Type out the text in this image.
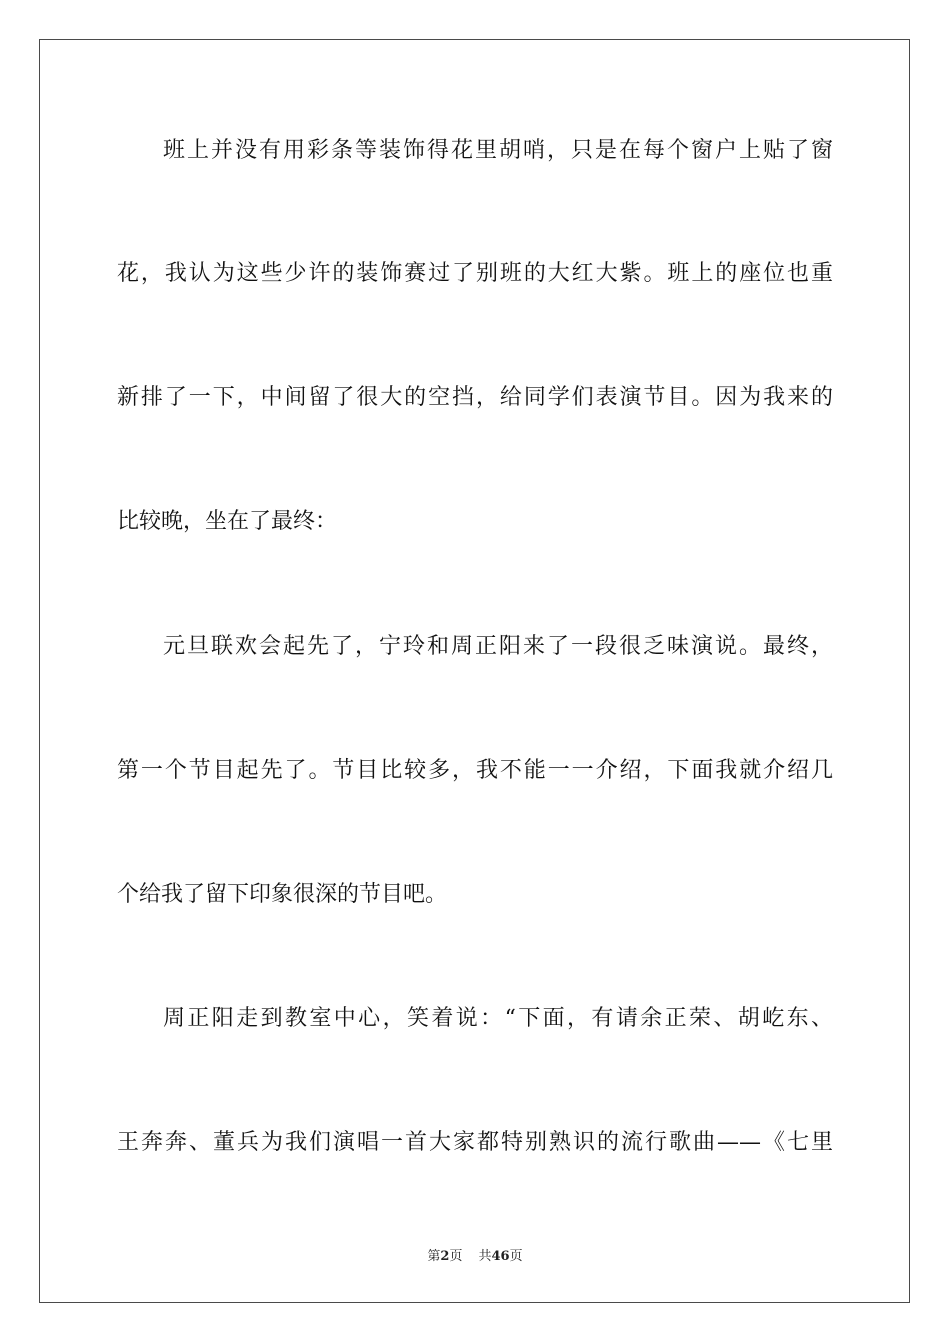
班上并没有用彩条等装饰得花里胡哨，只是在每个窗户上贴了窗
花，我认为这些少许的装饰赛过了别班的大红大紫。班上的座位也重
新排了一下，中间留了很大的空挡，给同学们表演节目。因为我来的
比较晚，坐在了最终：
元旦联欢会起先了，宁玲和周正阳来了一段很乏味演说。最终，
第一个节目起先了。节目比较多，我不能一一介绍，下面我就介绍几
个给我了留下印象很深的节目吧。
周正阳走到教室中心，笑着说：“下面，有请余正荣、胡屹东、
王奔奔、董兵为我们演唱一首大家都特别熟识的流行歌曲——《七里
第2页 共46页
